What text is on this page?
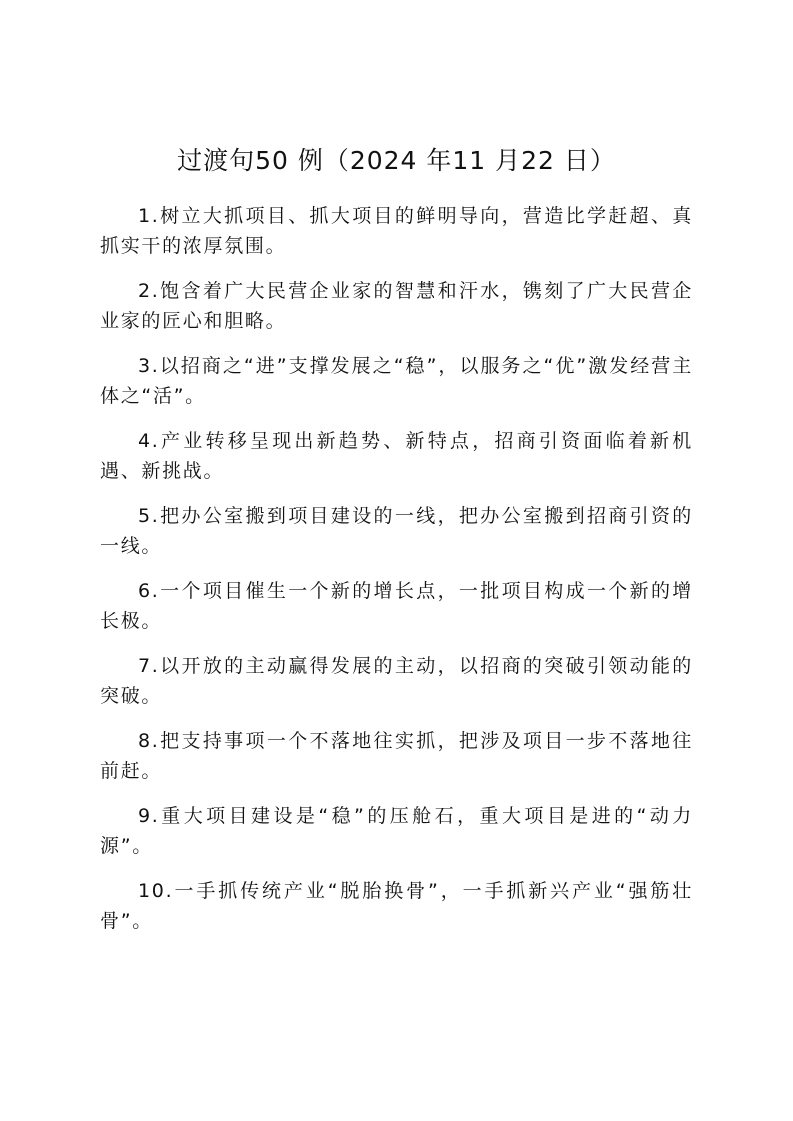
过渡句50 例（2024 年11 月22 日）

1.树立大抓项目、抓大项目的鲜明导向，营造比学赶超、真抓实干的浓厚氛围。

2.饱含着广大民营企业家的智慧和汗水，镌刻了广大民营企业家的匠心和胆略。

3.以招商之“进”支撑发展之“稳”，以服务之“优”激发经营主体之“活”。

4.产业转移呈现出新趋势、新特点，招商引资面临着新机遇、新挑战。

5.把办公室搬到项目建设的一线，把办公室搬到招商引资的一线。

6.一个项目催生一个新的增长点，一批项目构成一个新的增长极。

7.以开放的主动赢得发展的主动，以招商的突破引领动能的突破。

8.把支持事项一个不落地往实抓，把涉及项目一步不落地往前赶。

9.重大项目建设是“稳”的压舱石，重大项目是进的“动力源”。

10.一手抓传统产业“脱胎换骨”，一手抓新兴产业“强筋壮骨”。
